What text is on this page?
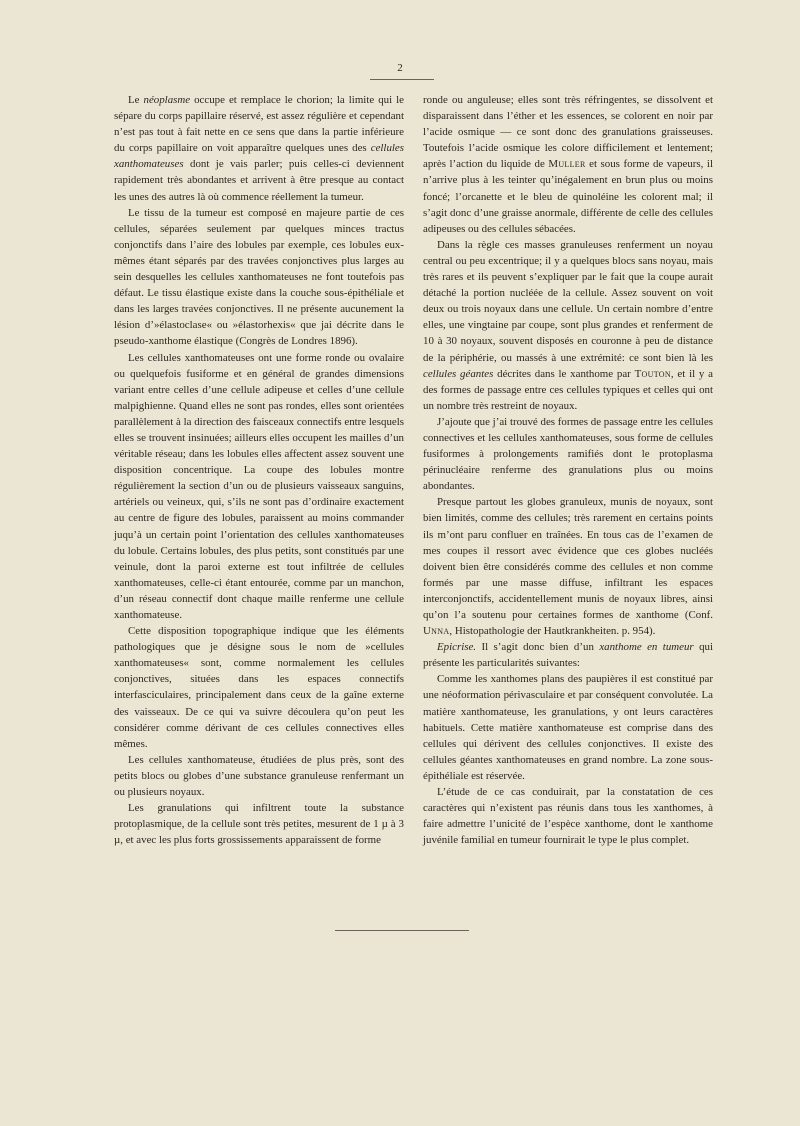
2

Le néoplasme occupe et remplace le chorion; la limite qui le sépare du corps papillaire réservé, est assez régulière et cependant n’est pas tout à fait nette en ce sens que dans la partie inférieure du corps papillaire on voit apparaître quelques unes des cellules xanthomateuses dont je vais parler; puis celles-ci deviennent rapidement très abondantes et arrivent à être presque au contact les unes des autres là où commence réellement la tumeur.

Le tissu de la tumeur est composé en majeure partie de ces cellules, séparées seulement par quelques minces tractus conjonctifs dans l’aire des lobules par exemple, ces lobules eux-mêmes étant séparés par des travées conjonctives plus larges au sein desquelles les cellules xanthomateuses ne font toutefois pas défaut. Le tissu élastique existe dans la couche sous-épithéliale et dans les larges travées conjonctives. Il ne présente aucunement la lésion d’»élastoclase« ou »élastorhexis« que jai décrite dans le pseudo-xanthome élastique (Congrès de Londres 1896).

Les cellules xanthomateuses ont une forme ronde ou ovalaire ou quelquefois fusiforme et en général de grandes dimensions variant entre celles d’une cellule adipeuse et celles d’une cellule malpighienne. Quand elles ne sont pas rondes, elles sont orientées parallèlement à la direction des faisceaux connectifs entre lesquels elles se trouvent insinuées; ailleurs elles occupent les mailles d’un véritable réseau; dans les lobules elles affectent assez souvent une disposition concentrique. La coupe des lobules montre régulièrement la section d’un ou de plusieurs vaisseaux sanguins, artériels ou veineux, qui, s’ils ne sont pas d’ordinaire exactement au centre de figure des lobules, paraissent au moins commander juqu’à un certain point l’orientation des cellules xanthomateuses du lobule. Certains lobules, des plus petits, sont constitués par une veinule, dont la paroi externe est tout infiltrée de cellules xanthomateuses, celle-ci étant entourée, comme par un manchon, d’un réseau connectif dont chaque maille renferme une cellule xanthomateuse.

Cette disposition topographique indique que les éléments pathologiques que je désigne sous le nom de »cellules xanthomateuses« sont, comme normalement les cellules conjonctives, situées dans les espaces connectifs interfasciculaires, principalement dans ceux de la gaîne externe des vaisseaux. De ce qui va suivre découlera qu’on peut les considérer comme dérivant de ces cellules connectives elles mêmes.

Les cellules xanthomateuse, étudiées de plus près, sont des petits blocs ou globes d’une substance granuleuse renfermant un ou plusieurs noyaux.

Les granulations qui infiltrent toute la substance protoplasmique, de la cellule sont très petites, mesurent de 1 µ à 3 µ, et avec les plus forts grossissements apparaissent de forme

ronde ou anguleuse; elles sont très réfringentes, se dissolvent et disparaissent dans l’éther et les essences, se colorent en noir par l’acide osmique — ce sont donc des granulations graisseuses. Toutefois l’acide osmique les colore difficilement et lentement; après l’action du liquide de Muller et sous forme de vapeurs, il n’arrive plus à les teinter qu’inégalement en brun plus ou moins foncé; l’orcanette et le bleu de quinoléine les colorent mal; il s’agit donc d’une graisse anormale, différente de celle des cellules adipeuses ou des cellules sébacées.

Dans la règle ces masses granuleuses renferment un noyau central ou peu excentrique; il y a quelques blocs sans noyau, mais très rares et ils peuvent s’expliquer par le fait que la coupe aurait détaché la portion nucléée de la cellule. Assez souvent on voit deux ou trois noyaux dans une cellule. Un certain nombre d’entre elles, une vingtaine par coupe, sont plus grandes et renferment de 10 à 30 noyaux, souvent disposés en couronne à peu de distance de la périphérie, ou massés à une extrémité: ce sont bien là les cellules géantes décrites dans le xanthome par Touton, et il y a des formes de passage entre ces cellules typiques et celles qui ont un nombre très restreint de noyaux.

J’ajoute que j’ai trouvé des formes de passage entre les cellules connectives et les cellules xanthomateuses, sous forme de cellules fusiformes à prolongements ramifiés dont le protoplasma périnucléaire renferme des granulations plus ou moins abondantes.

Presque partout les globes granuleux, munis de noyaux, sont bien limités, comme des cellules; très rarement en certains points ils m’ont paru confluer en traînées. En tous cas de l’examen de mes coupes il ressort avec évidence que ces globes nucléés doivent bien être considérés comme des cellules et non comme formés par une masse diffuse, infiltrant les espaces interconjonctifs, accidentellement munis de noyaux libres, ainsi qu’on l’a soutenu pour certaines formes de xanthome (Conf. Unna, Histopathologie der Hautkrankheiten. p. 954).

Epicrise. Il s’agit donc bien d’un xanthome en tumeur qui présente les particularités suivantes:

Comme les xanthomes plans des paupières il est constitué par une néoformation périvasculaire et par conséquent convolutée. La matière xanthomateuse, les granulations, y ont leurs caractères habituels. Cette matière xanthomateuse est comprise dans des cellules qui dérivent des cellules conjonctives. Il existe des cellules géantes xanthomateuses en grand nombre. La zone sous-épithéliale est réservée.

L’étude de ce cas conduirait, par la constatation de ces caractères qui n’existent pas réunis dans tous les xanthomes, à faire admettre l’unicité de l’espèce xanthome, dont le xanthome juvénile familial en tumeur fournirait le type le plus complet.
